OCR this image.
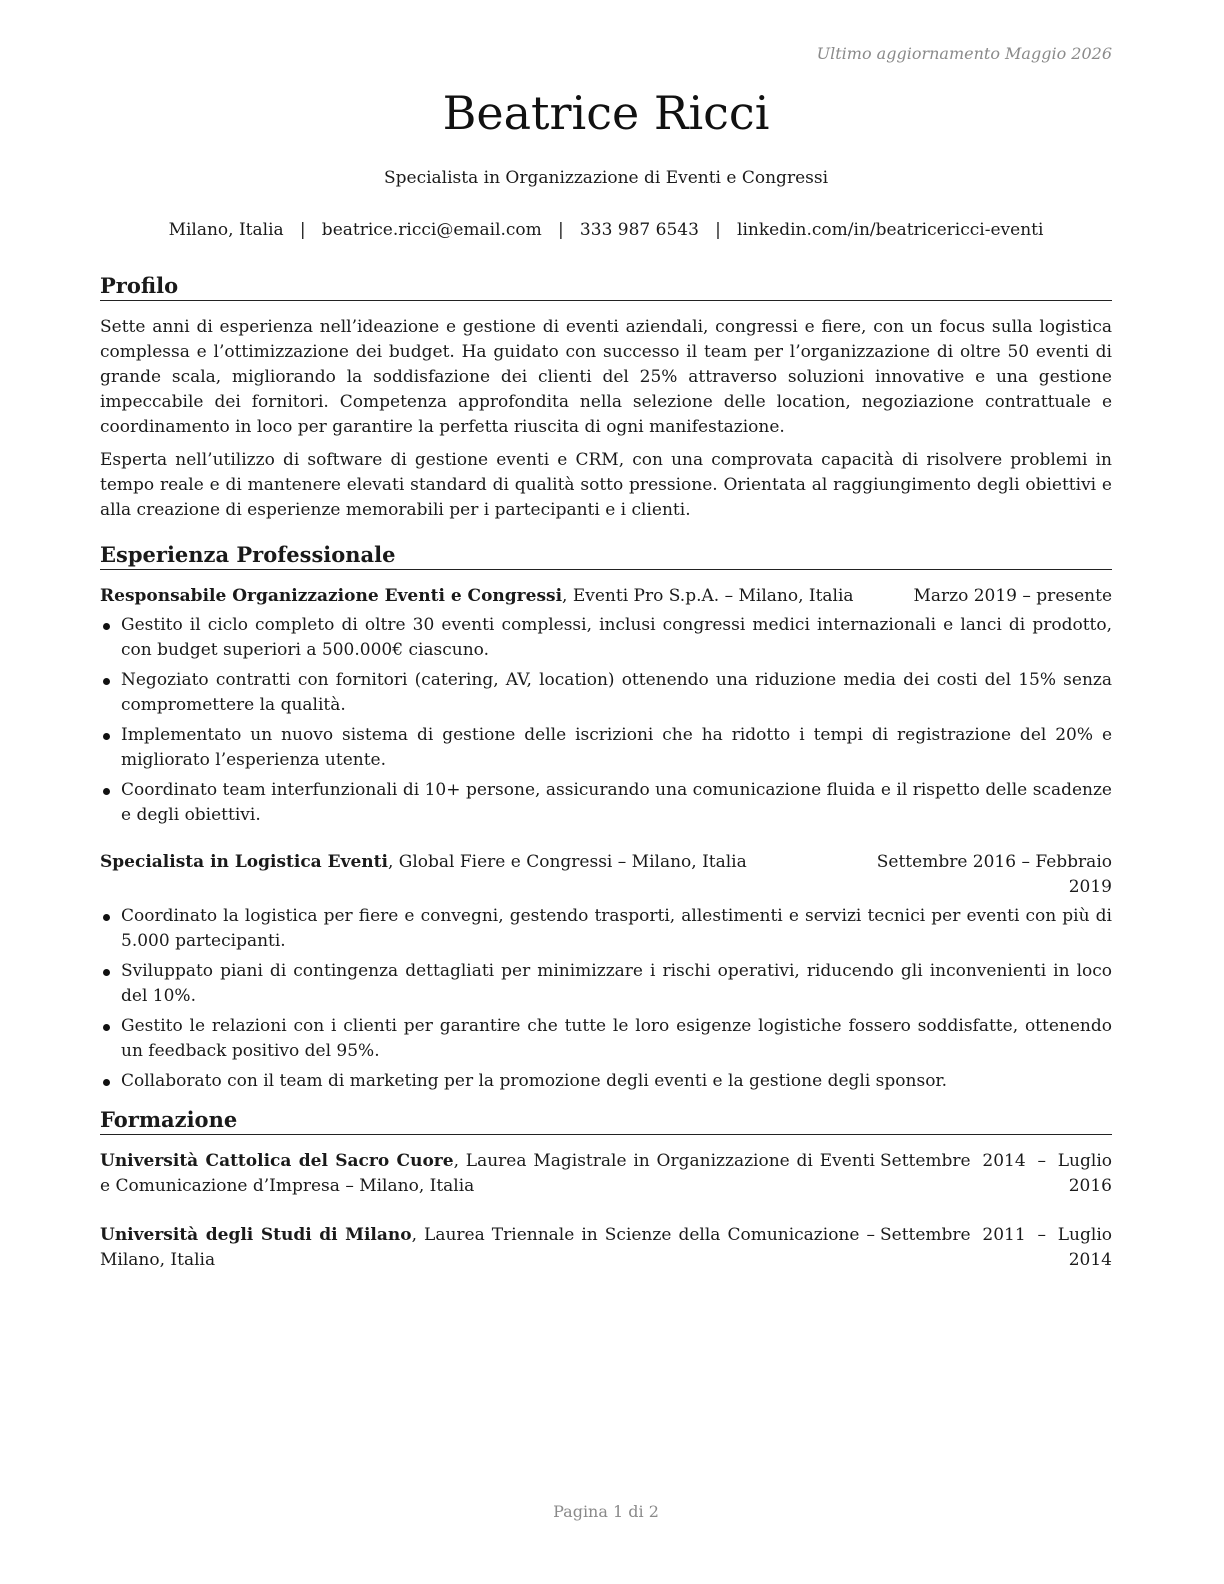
Ultimo aggiornamento Maggio 2026
Beatrice Ricci
Specialista in Organizzazione di Eventi e Congressi
Milano, Italia   |   beatrice.ricci@email.com   |   333 987 6543   |   linkedin.com/in/beatricericci-eventi
Profilo

Sette anni di esperienza nell’ideazione e gestione di eventi aziendali, congressi e fiere, con un focus sulla logistica complessa e l’ottimizzazione dei budget. Ha guidato con successo il team per l’organizzazione di oltre 50 eventi di grande scala, migliorando la soddisfazione dei clienti del 25% attraverso soluzioni innovative e una gestione impeccabile dei fornitori. Competenza approfondita nella selezione delle location, negoziazione contrattuale e coordinamento in loco per garantire la perfetta riuscita di ogni manifestazione.

Esperta nell’utilizzo di software di gestione eventi e CRM, con una comprovata capacità di risolvere problemi in tempo reale e di mantenere elevati standard di qualità sotto pressione. Orientata al raggiungimento degli obiettivi e alla creazione di esperienze memorabili per i partecipanti e i clienti.

Esperienza Professionale
Responsabile Organizzazione Eventi e Congressi, Eventi Pro S.p.A. – Milano, Italia	Marzo 2019 – presente
Gestito il ciclo completo di oltre 30 eventi complessi, inclusi congressi medici internazionali e lanci di prodotto, con budget superiori a 500.000€ ciascuno.
Negoziato contratti con fornitori (catering, AV, location) ottenendo una riduzione media dei costi del 15% senza compromettere la qualità.
Implementato un nuovo sistema di gestione delle iscrizioni che ha ridotto i tempi di registrazione del 20% e migliorato l’esperienza utente.
Coordinato team interfunzionali di 10+ persone, assicurando una comunicazione fluida e il rispetto delle scadenze e degli obiettivi.
Specialista in Logistica Eventi, Global Fiere e Congressi – Milano, Italia	Settembre 2016 – Febbraio 2019
Coordinato la logistica per fiere e convegni, gestendo trasporti, allestimenti e servizi tecnici per eventi con più di 5.000 partecipanti.
Sviluppato piani di contingenza dettagliati per minimizzare i rischi operativi, riducendo gli inconvenienti in loco del 10%.
Gestito le relazioni con i clienti per garantire che tutte le loro esigenze logistiche fossero soddisfatte, ottenendo un feedback positivo del 95%.
Collaborato con il team di marketing per la promozione degli eventi e la gestione degli sponsor.
Formazione
Università Cattolica del Sacro Cuore, Laurea Magistrale in Organizzazione di Eventi e Comunicazione d’Impresa – Milano, Italia
Settembre 2014 – Luglio 2016
Università degli Studi di Milano, Laurea Triennale in Scienze della Comunicazione – Milano, Italia
Settembre 2011 – Luglio 2014
Pagina 1 di 2
